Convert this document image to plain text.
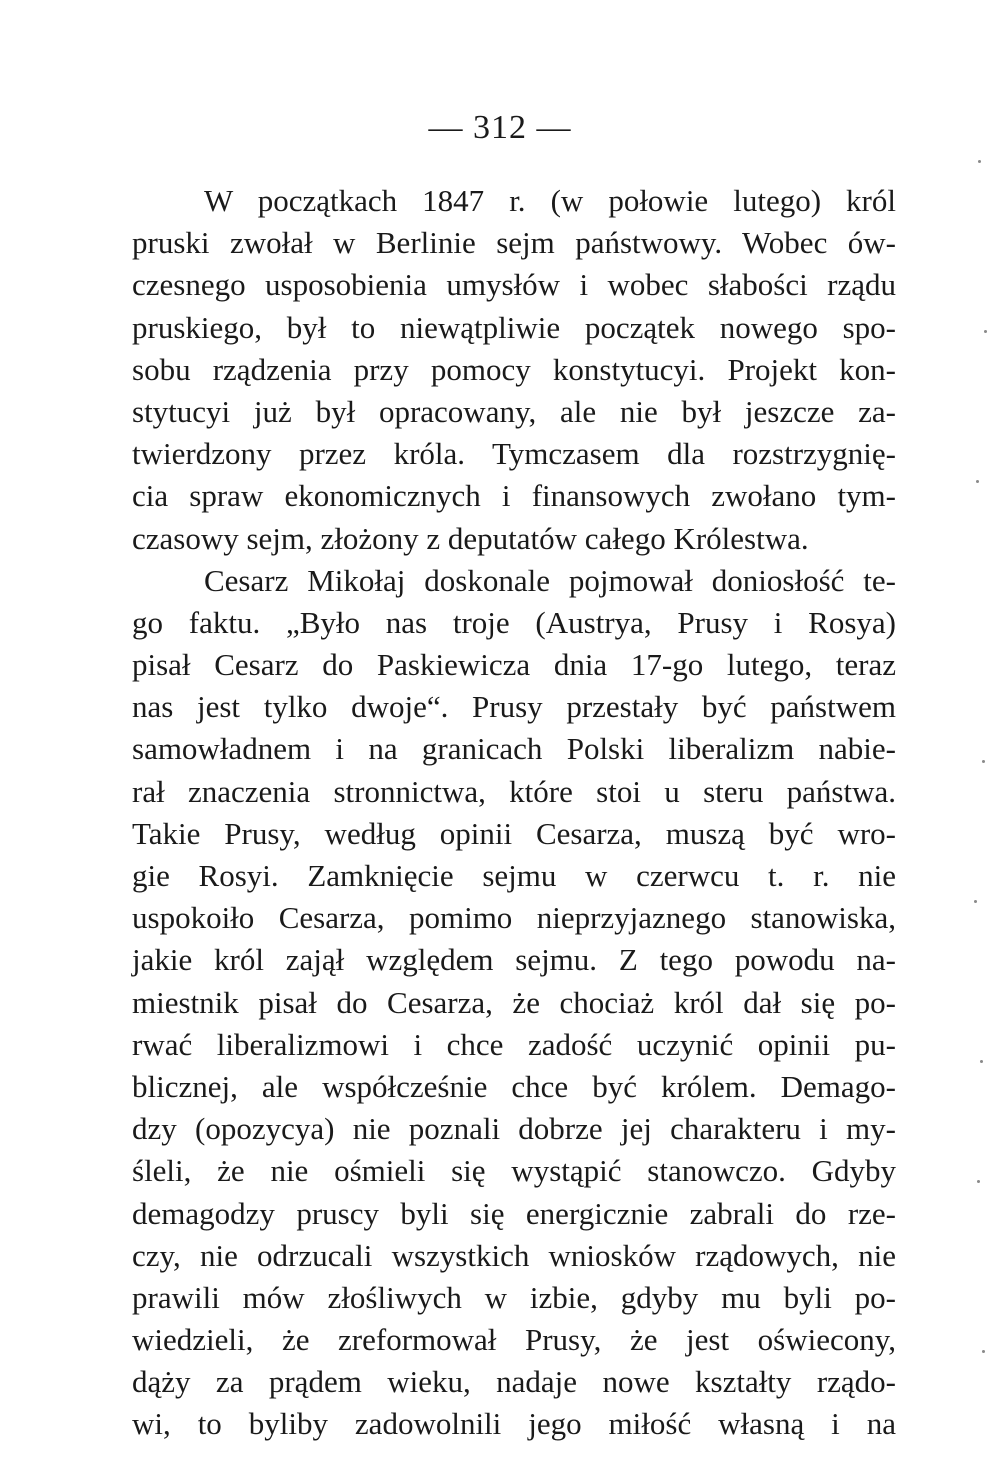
— 312 —
W początkach 1847 r. (w połowie lutego) król
pruski zwołał w Berlinie sejm państwowy. Wobec ów-
czesnego usposobienia umysłów i wobec słabości rządu
pruskiego, był to niewątpliwie początek nowego spo-
sobu rządzenia przy pomocy konstytucyi. Projekt kon-
stytucyi już był opracowany, ale nie był jeszcze za-
twierdzony przez króla. Tymczasem dla rozstrzygnię-
cia spraw ekonomicznych i finansowych zwołano tym-
czasowy sejm, złożony z deputatów całego Królestwa.
Cesarz Mikołaj doskonale pojmował doniosłość te-
go faktu. „Było nas troje (Austrya, Prusy i Rosya)
pisał Cesarz do Paskiewicza dnia 17-go lutego, teraz
nas jest tylko dwoje“. Prusy przestały być państwem
samowładnem i na granicach Polski liberalizm nabie-
rał znaczenia stronnictwa, które stoi u steru państwa.
Takie Prusy, według opinii Cesarza, muszą być wro-
gie Rosyi. Zamknięcie sejmu w czerwcu t. r. nie
uspokoiło Cesarza, pomimo nieprzyjaznego stanowiska,
jakie król zajął względem sejmu. Z tego powodu na-
miestnik pisał do Cesarza, że chociaż król dał się po-
rwać liberalizmowi i chce zadość uczynić opinii pu-
blicznej, ale współcześnie chce być królem. Demago-
dzy (opozycya) nie poznali dobrze jej charakteru i my-
śleli, że nie ośmieli się wystąpić stanowczo. Gdyby
demagodzy pruscy byli się energicznie zabrali do rze-
czy, nie odrzucali wszystkich wniosków rządowych, nie
prawili mów złośliwych w izbie, gdyby mu byli po-
wiedzieli, że zreformował Prusy, że jest oświecony,
dąży za prądem wieku, nadaje nowe kształty rządo-
wi, to byliby zadowolnili jego miłość własną i na
